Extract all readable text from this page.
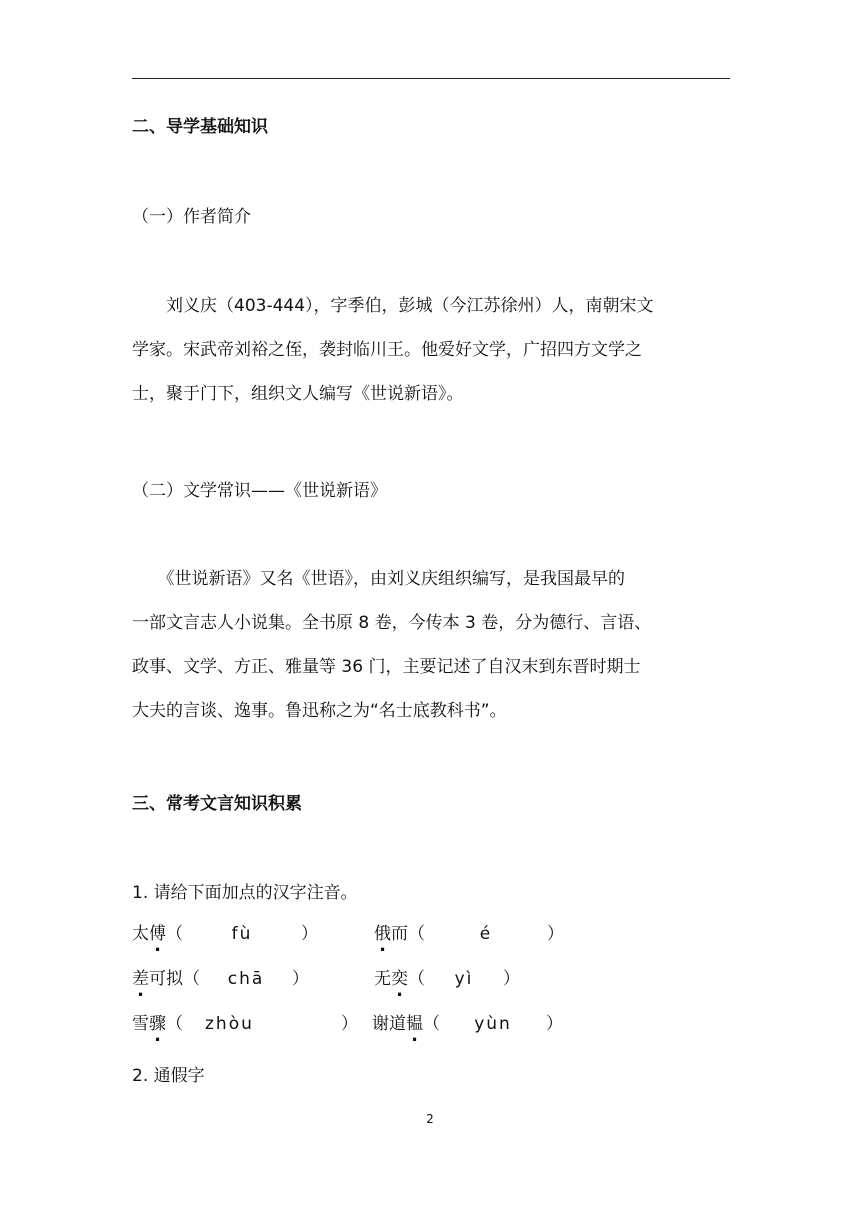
二、导学基础知识
（一）作者简介
　　刘义庆（403-444），字季伯，彭城（今江苏徐州）人，南朝宋文
学家。宋武帝刘裕之侄，袭封临川王。他爱好文学，广招四方文学之
士，聚于门下，组织文人编写《世说新语》。
（二）文学常识——《世说新语》
　　《世说新语》又名《世语》，由刘义庆组织编写，是我国最早的
一部文言志人小说集。全书原 8 卷，今传本 3 卷，分为德行、言语、
政事、文学、方正、雅量等 36 门，主要记述了自汉末到东晋时期士
大夫的言谈、逸事。鲁迅称之为“名士底教科书”。
三、常考文言知识积累
1. 请给下面加点的汉字注音。
太傅（	fù	）	俄而（	é	）
差可拟（ chā ）	无奕（ yì ）
雪骤（ zhòu	） 谢道韫（ yùn ）
2. 通假字
2
